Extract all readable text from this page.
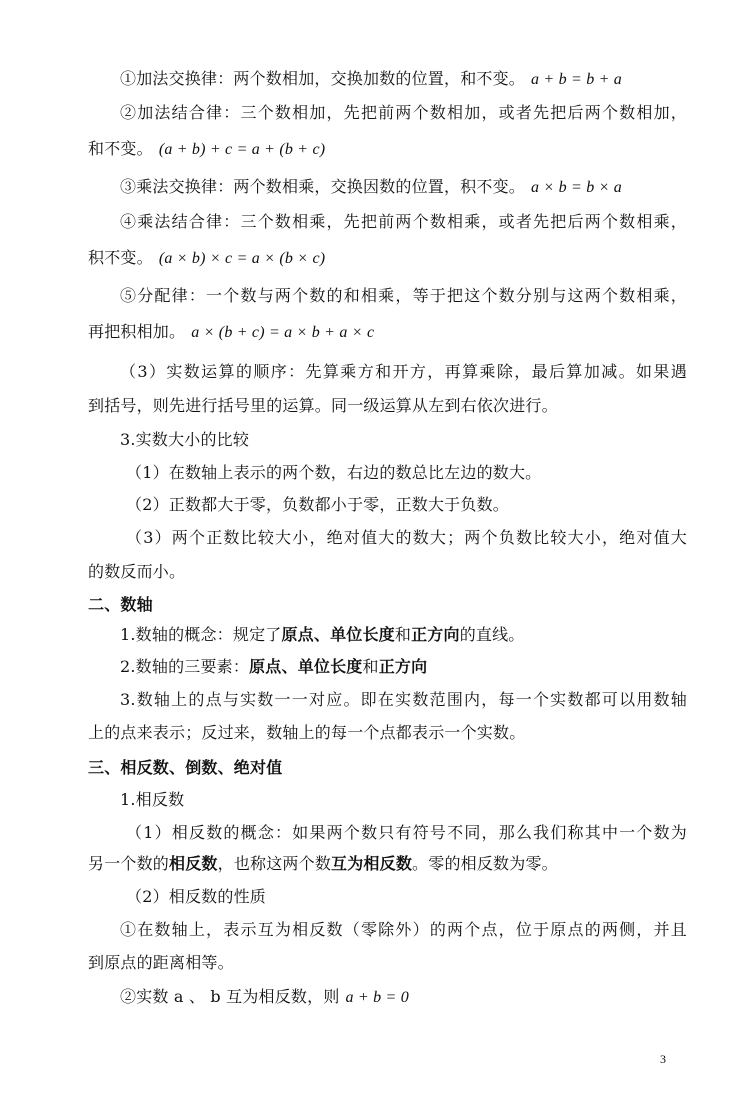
①加法交换律：两个数相加，交换加数的位置，和不变。 a + b = b + a
②加法结合律：三个数相加，先把前两个数相加，或者先把后两个数相加，
和不变。 (a + b) + c = a + (b + c)
③乘法交换律：两个数相乘，交换因数的位置，积不变。 a × b = b × a
④乘法结合律：三个数相乘，先把前两个数相乘，或者先把后两个数相乘，
积不变。 (a × b) × c = a × (b × c)
⑤分配律：一个数与两个数的和相乘，等于把这个数分别与这两个数相乘，
再把积相加。 a × (b + c) = a × b + a × c
（3）实数运算的顺序：先算乘方和开方，再算乘除，最后算加减。如果遇
到括号，则先进行括号里的运算。同一级运算从左到右依次进行。
3.实数大小的比较
（1）在数轴上表示的两个数，右边的数总比左边的数大。
（2）正数都大于零，负数都小于零，正数大于负数。
（3）两个正数比较大小，绝对值大的数大；两个负数比较大小，绝对值大
的数反而小。
二、数轴
1.数轴的概念：规定了原点、单位长度和正方向的直线。
2.数轴的三要素：原点、单位长度和正方向
3.数轴上的点与实数一一对应。即在实数范围内，每一个实数都可以用数轴
上的点来表示；反过来，数轴上的每一个点都表示一个实数。
三、相反数、倒数、绝对值
1.相反数
（1）相反数的概念：如果两个数只有符号不同，那么我们称其中一个数为
另一个数的相反数，也称这两个数互为相反数。零的相反数为零。
（2）相反数的性质
①在数轴上，表示互为相反数（零除外）的两个点，位于原点的两侧，并且
到原点的距离相等。
②实数 a 、 b 互为相反数，则 a + b = 0
3
